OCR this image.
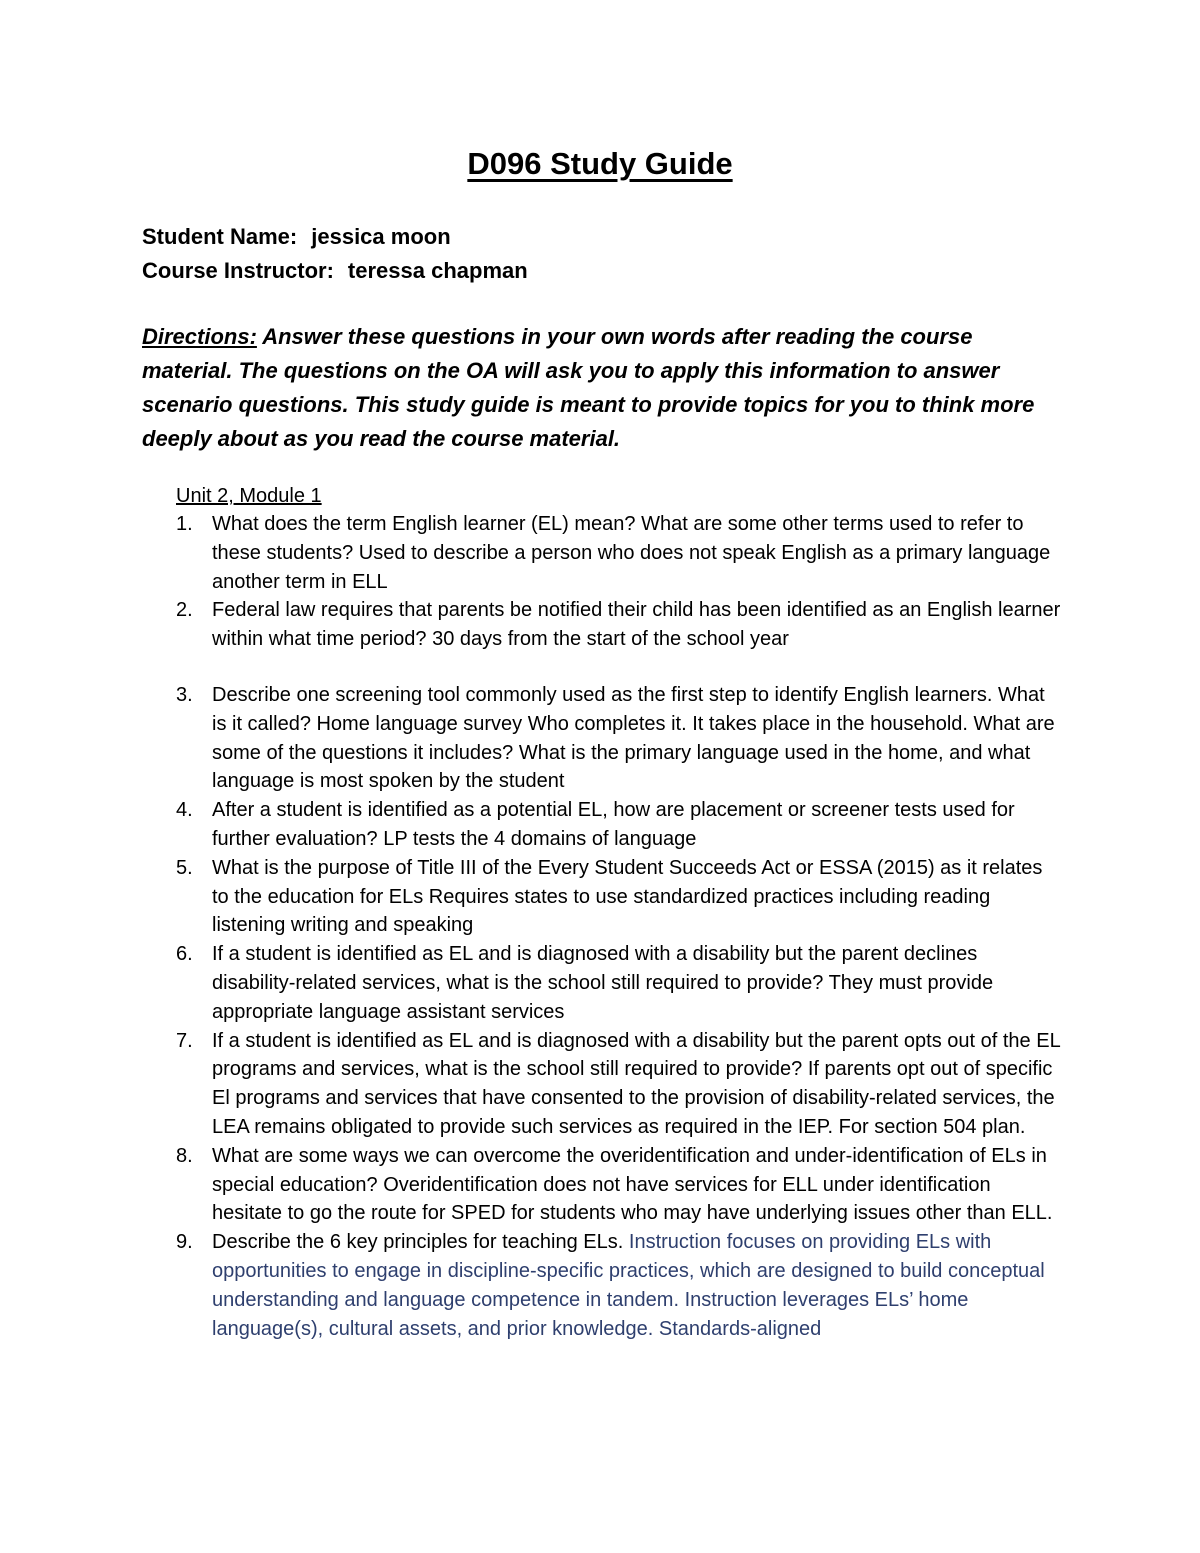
D096 Study Guide
Student Name: jessica moon
Course Instructor: teressa chapman
Directions: Answer these questions in your own words after reading the course material. The questions on the OA will ask you to apply this information to answer scenario questions. This study guide is meant to provide topics for you to think more deeply about as you read the course material.
Unit 2, Module 1
1. What does the term English learner (EL) mean? What are some other terms used to refer to these students? Used to describe a person who does not speak English as a primary language another term in ELL
2. Federal law requires that parents be notified their child has been identified as an English learner within what time period? 30 days from the start of the school year
3. Describe one screening tool commonly used as the first step to identify English learners. What is it called? Home language survey Who completes it. It takes place in the household. What are some of the questions it includes? What is the primary language used in the home, and what language is most spoken by the student
4. After a student is identified as a potential EL, how are placement or screener tests used for further evaluation? LP tests the 4 domains of language
5. What is the purpose of Title III of the Every Student Succeeds Act or ESSA (2015) as it relates to the education for ELs Requires states to use standardized practices including reading listening writing and speaking
6. If a student is identified as EL and is diagnosed with a disability but the parent declines disability-related services, what is the school still required to provide? They must provide appropriate language assistant services
7. If a student is identified as EL and is diagnosed with a disability but the parent opts out of the EL programs and services, what is the school still required to provide? If parents opt out of specific El programs and services that have consented to the provision of disability-related services, the LEA remains obligated to provide such services as required in the IEP. For section 504 plan.
8. What are some ways we can overcome the overidentification and under-identification of ELs in special education? Overidentification does not have services for ELL under identification hesitate to go the route for SPED for students who may have underlying issues other than ELL.
9. Describe the 6 key principles for teaching ELs. Instruction focuses on providing ELs with opportunities to engage in discipline-specific practices, which are designed to build conceptual understanding and language competence in tandem. Instruction leverages ELs’ home language(s), cultural assets, and prior knowledge. Standards-aligned
